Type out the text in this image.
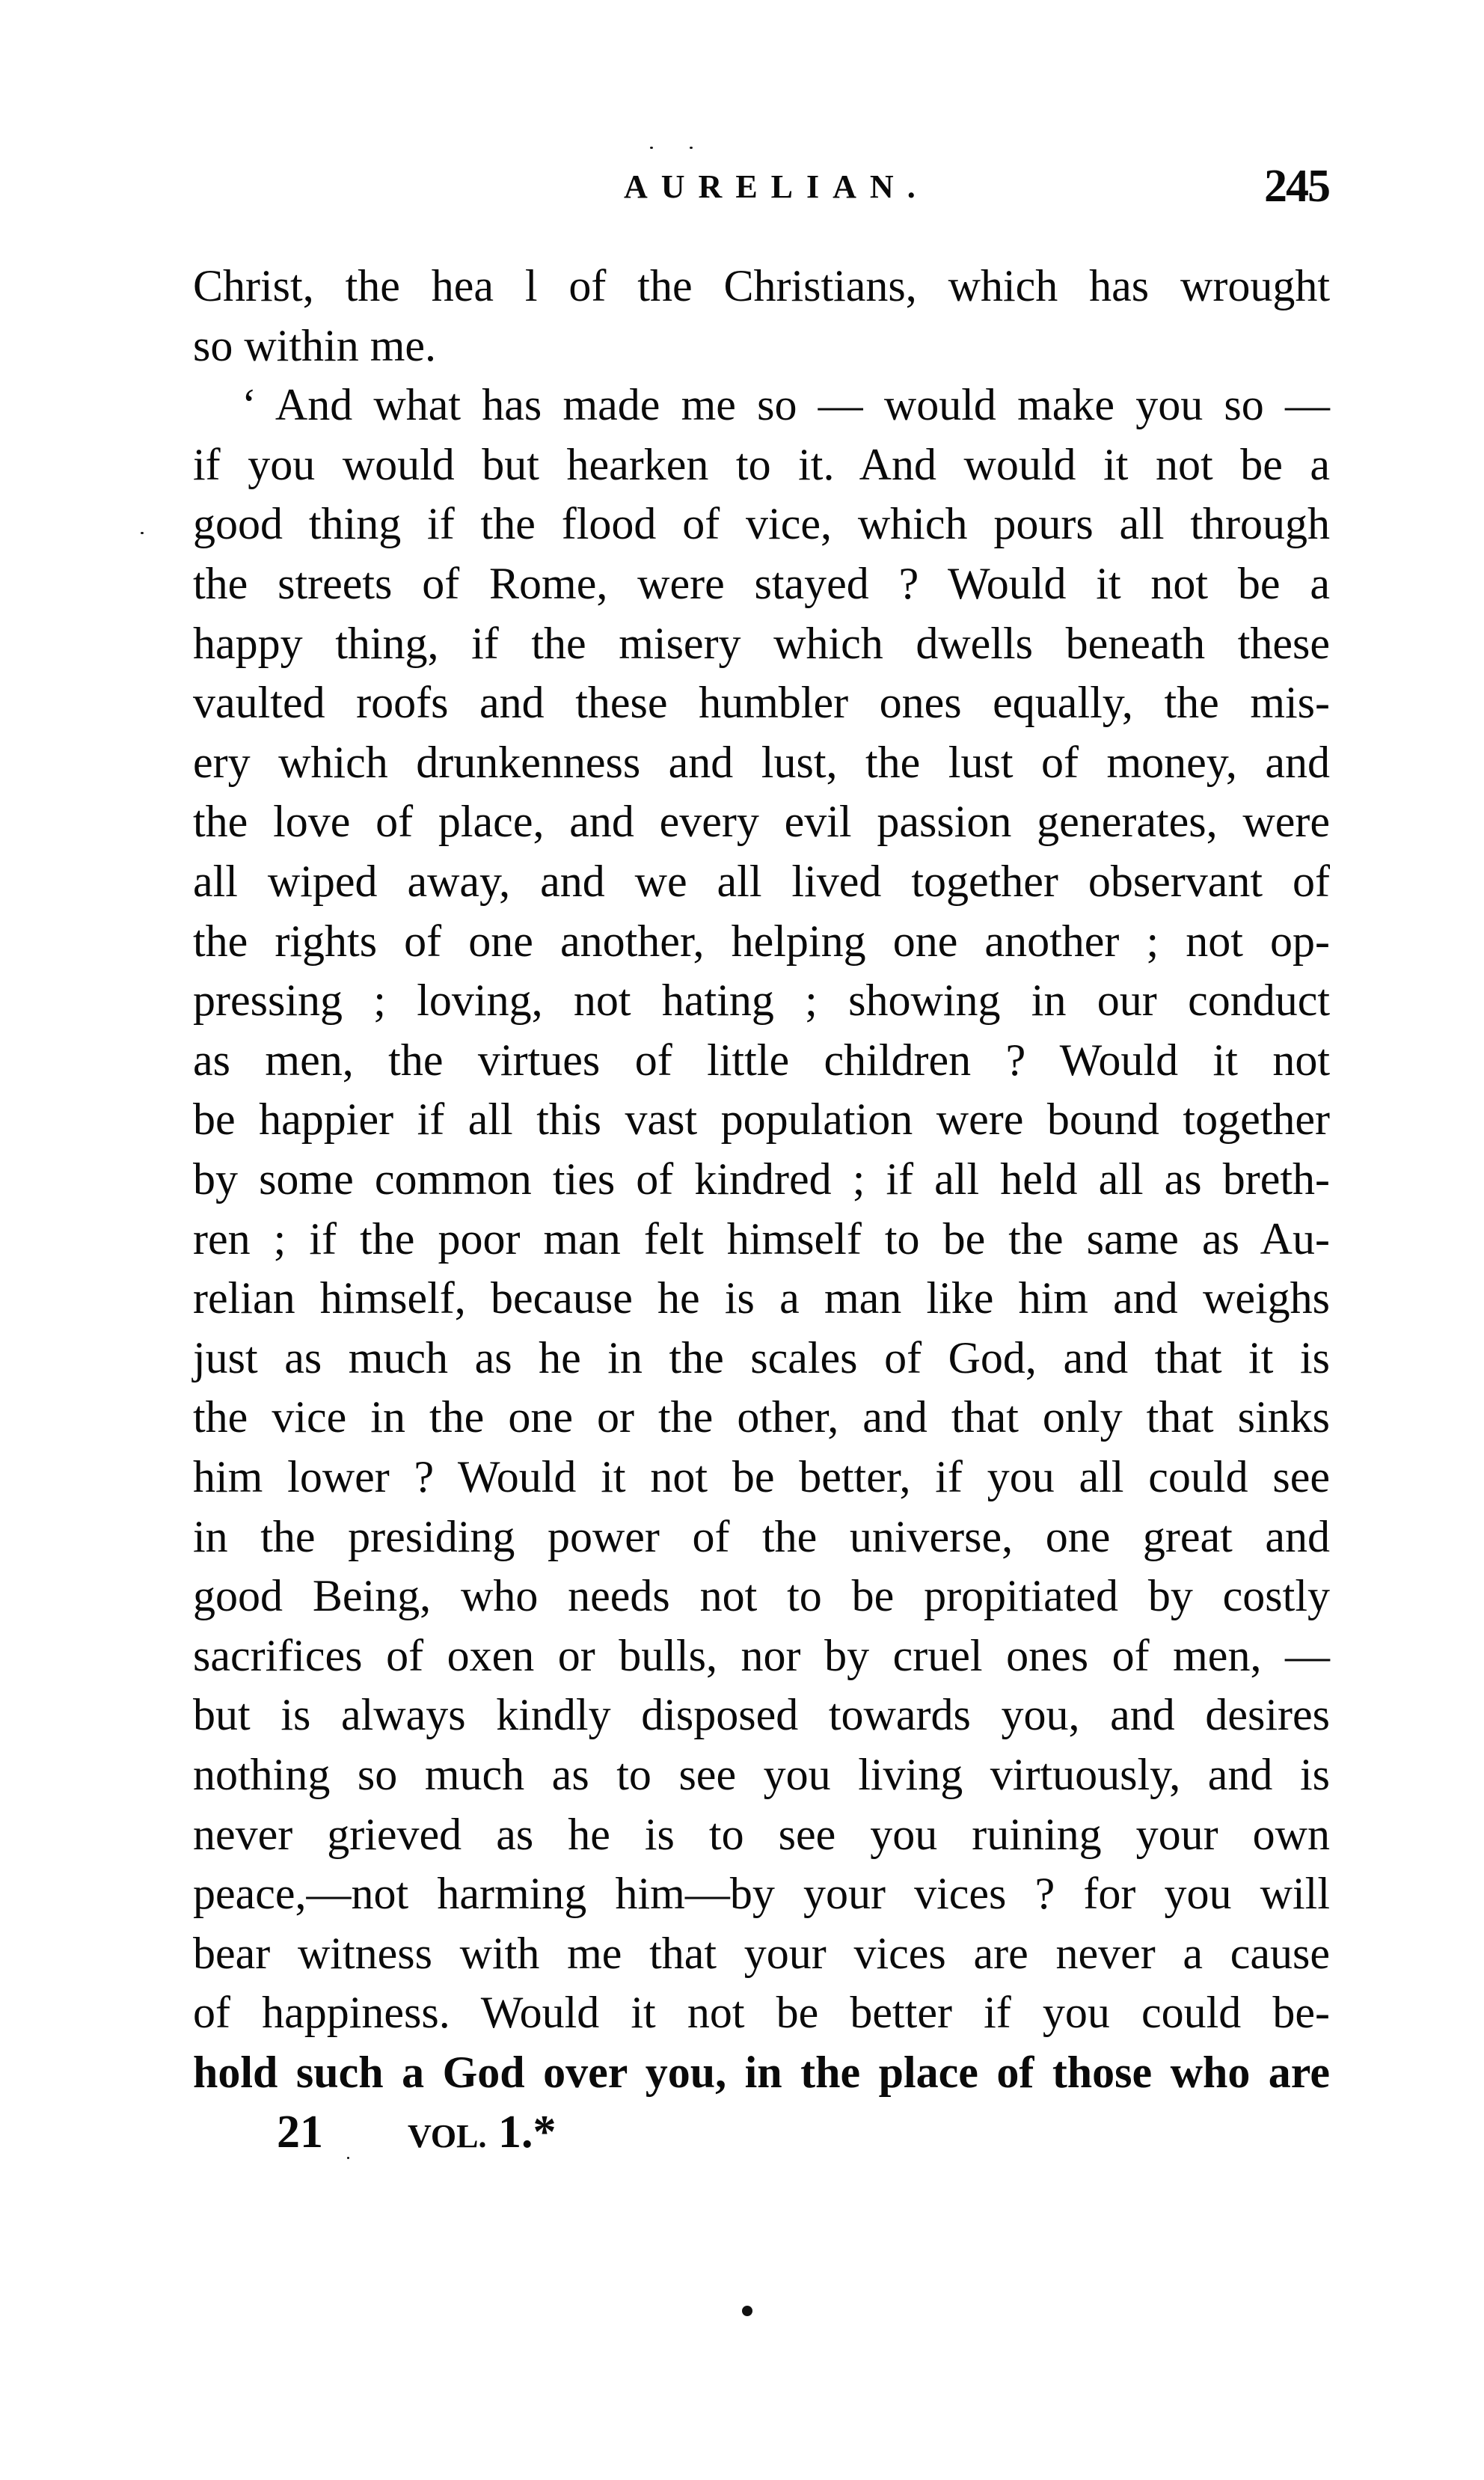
AURELIAN.	245
Christ, the hea l of the Christians, which has wrought
so within me.
‘ And what has made me so — would make you so —
if you would but hearken to it. And would it not be a
good thing if the flood of vice, which pours all through
the streets of Rome, were stayed ? Would it not be a
happy thing, if the misery which dwells beneath these
vaulted roofs and these humbler ones equally, the mis-
ery which drunkenness and lust, the lust of money, and
the love of place, and every evil passion generates, were
all wiped away, and we all lived together observant of
the rights of one another, helping one another ; not op-
pressing ; loving, not hating ; showing in our conduct
as men, the virtues of little children ? Would it not
be happier if all this vast population were bound together
by some common ties of kindred ; if all held all as breth-
ren ; if the poor man felt himself to be the same as Au-
relian himself, because he is a man like him and weighs
just as much as he in the scales of God, and that it is
the vice in the one or the other, and that only that sinks
him lower ? Would it not be better, if you all could see
in the presiding power of the universe, one great and
good Being, who needs not to be propitiated by costly
sacrifices of oxen or bulls, nor by cruel ones of men, —
but is always kindly disposed towards you, and desires
nothing so much as to see you living virtuously, and is
never grieved as he is to see you ruining your own
peace,—not harming him—by your vices ? for you will
bear witness with me that your vices are never a cause
of happiness. Would it not be better if you could be-
hold such a God over you, in the place of those who are
21	VOL. 1.*
